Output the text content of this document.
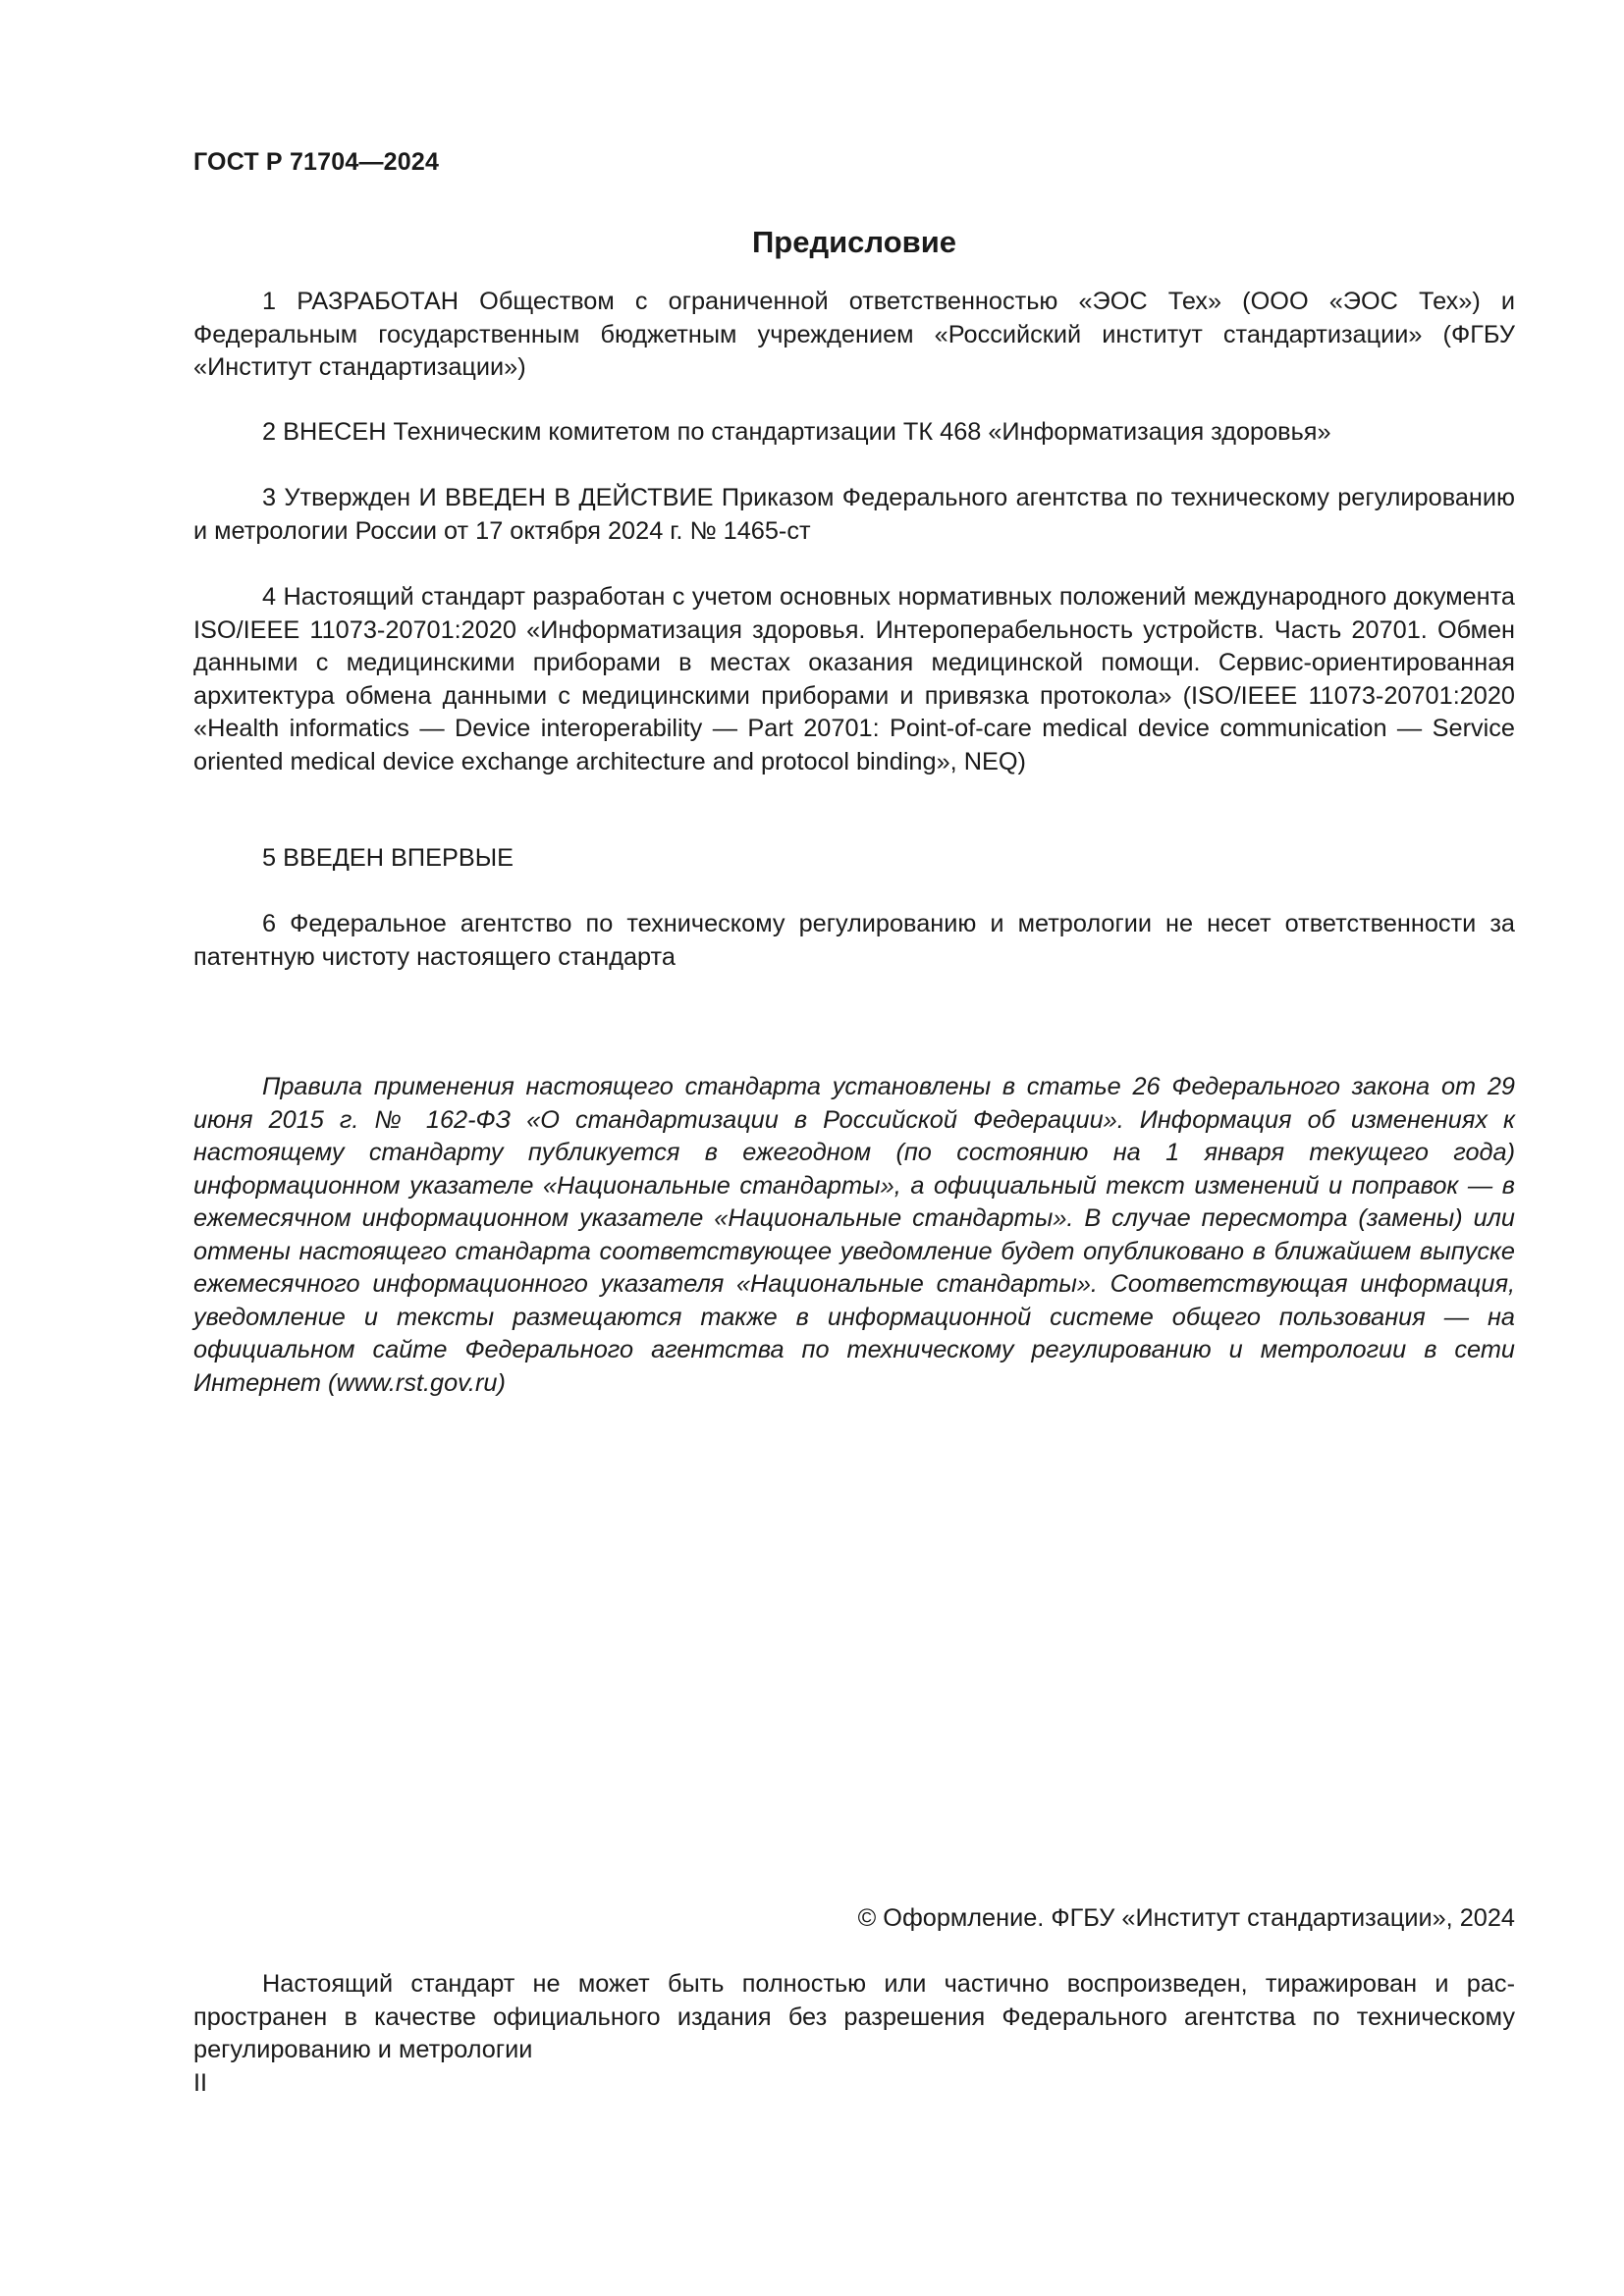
ГОСТ Р 71704—2024
Предисловие

1 РАЗРАБОТАН Обществом с ограниченной ответственностью «ЭОС Тех» (ООО «ЭОС Тех») и Федеральным государственным бюджетным учреждением «Российский институт стандартизации» (ФГБУ «Институт стандартизации»)

2 ВНЕСЕН Техническим комитетом по стандартизации ТК 468 «Информатизация здоровья»

3 Утвержден И ВВЕДЕН В ДЕЙСТВИЕ Приказом Федерального агентства по техническому регулированию и метрологии России от 17 октября 2024 г. № 1465-ст

4 Настоящий стандарт разработан с учетом основных нормативных положений международного документа ISO/IEEE 11073-20701:2020 «Информатизация здоровья. Интероперабельность устройств. Часть 20701. Обмен данными с медицинскими приборами в местах оказания медицинской помощи. Сервис-ориентированная архитектура обмена данными с медицинскими приборами и привязка протокола» (ISO/IEEE 11073-20701:2020 «Health informatics — Device interoperability — Part 20701: Point-of-care medical device communication — Service oriented medical device exchange architecture and protocol binding», NEQ)

5 ВВЕДЕН ВПЕРВЫЕ

6 Федеральное агентство по техническому регулированию и метрологии не несет ответственности за патентную чистоту настоящего стандарта

Правила применения настоящего стандарта установлены в статье 26 Федерального закона от 29 июня 2015 г. № 162-ФЗ «О стандартизации в Российской Федерации». Информация об изменениях к настоящему стандарту публикуется в ежегодном (по состоянию на 1 января текущего года) информационном указателе «Национальные стандарты», а официальный текст изменений и поправок — в ежемесячном информационном указателе «Национальные стандарты». В случае пересмотра (замены) или отмены настоящего стандарта соответствующее уведомление будет опубликовано в ближайшем выпуске ежемесячного информационного указателя «Национальные стандарты». Соответствующая информация, уведомление и тексты размещаются также в информационной системе общего пользования — на официальном сайте Федерального агентства по техническому регулированию и метрологии в сети Интернет (www.rst.gov.ru)

© Оформление. ФГБУ «Институт стандартизации», 2024

Настоящий стандарт не может быть полностью или частично воспроизведен, тиражирован и распространен в качестве официального издания без разрешения Федерального агентства по техническому регулированию и метрологии

II
